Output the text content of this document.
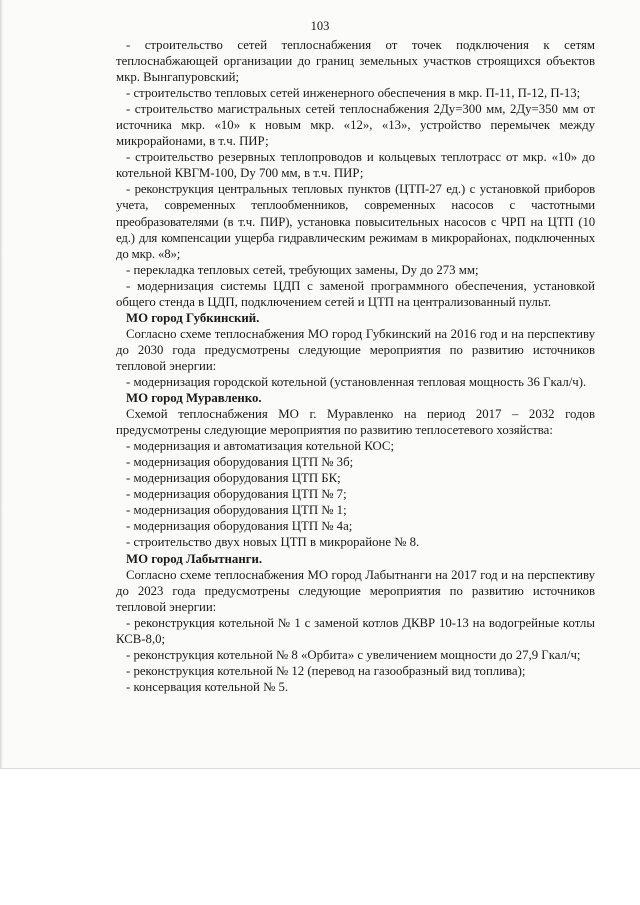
103

- строительство сетей теплоснабжения от точек подключения к сетям теплоснабжающей организации до границ земельных участков строящихся объектов мкр. Вынгапуровский;

- строительство тепловых сетей инженерного обеспечения в мкр. П-11, П-12, П-13;

- строительство магистральных сетей теплоснабжения 2Ду=300 мм, 2Ду=350 мм от источника мкр. «10» к новым мкр. «12», «13», устройство перемычек между микрорайонами, в т.ч. ПИР;

- строительство резервных теплопроводов и кольцевых теплотрасс от мкр. «10» до котельной КВГМ-100, Dу 700 мм, в т.ч. ПИР;

- реконструкция центральных тепловых пунктов (ЦТП-27 ед.) с установкой приборов учета, современных теплообменников, современных насосов с частотными преобразователями (в т.ч. ПИР), установка повысительных насосов с ЧРП на ЦТП (10 ед.) для компенсации ущерба гидравлическим режимам в микрорайонах, подключенных до мкр. «8»;

- перекладка тепловых сетей, требующих замены, Dу до 273 мм;

- модернизация системы ЦДП с заменой программного обеспечения, установкой общего стенда в ЦДП, подключением сетей и ЦТП на централизованный пульт.

МО город Губкинский.

Согласно схеме теплоснабжения МО город Губкинский на 2016 год и на перспективу до 2030 года предусмотрены следующие мероприятия по развитию источников тепловой энергии:

- модернизация городской котельной (установленная тепловая мощность 36 Гкал/ч).

МО город Муравленко.

Схемой теплоснабжения МО г. Муравленко на период 2017 – 2032 годов предусмотрены следующие мероприятия по развитию теплосетевого хозяйства:

- модернизация и автоматизация котельной КОС;

- модернизация оборудования ЦТП № 3б;

- модернизация оборудования ЦТП БК;

- модернизация оборудования ЦТП № 7;

- модернизация оборудования ЦТП № 1;

- модернизация оборудования ЦТП № 4а;

- строительство двух новых ЦТП в микрорайоне № 8.

МО город Лабытнанги.

Согласно схеме теплоснабжения МО город Лабытнанги на 2017 год и на перспективу до 2023 года предусмотрены следующие мероприятия по развитию источников тепловой энергии:

- реконструкция котельной № 1 с заменой котлов ДКВР 10-13 на водогрейные котлы КСВ-8,0;

- реконструкция котельной № 8 «Орбита» с увеличением мощности до 27,9 Гкал/ч;

- реконструкция котельной № 12 (перевод на газообразный вид топлива);

- консервация котельной № 5.
